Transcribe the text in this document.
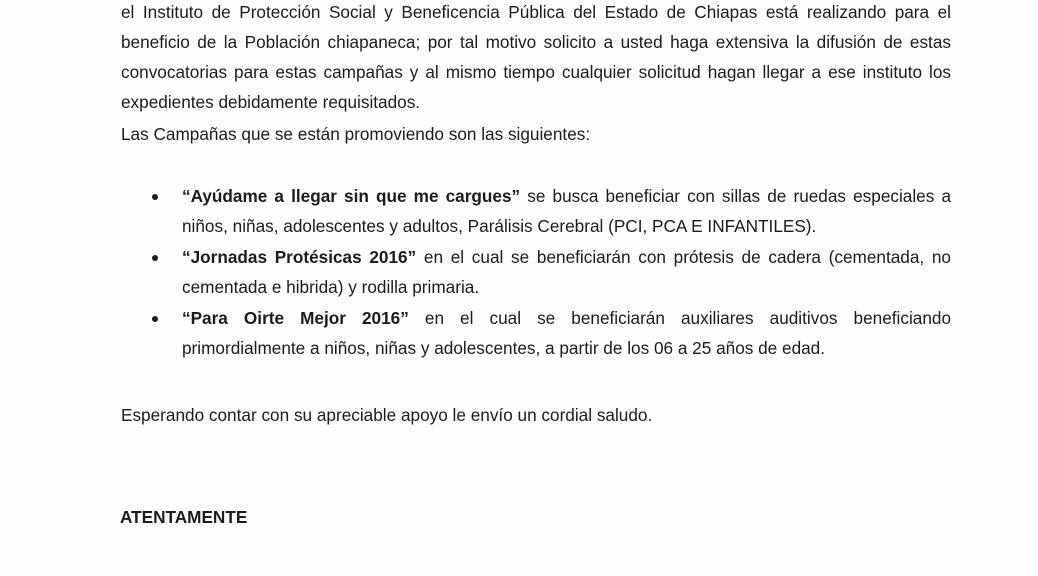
el Instituto de Protección Social y Beneficencia Pública del Estado de Chiapas está realizando para el
beneficio de la Población chiapaneca; por tal motivo solicito a usted haga extensiva la difusión de estas
convocatorias para estas campañas y al mismo tiempo cualquier solicitud hagan llegar a ese instituto los
expedientes debidamente requisitados.

Las Campañas que se están promoviendo son las siguientes:

“Ayúdame a llegar sin que me cargues” se busca beneficiar con sillas de ruedas especiales a
niños, niñas, adolescentes y adultos, Parálisis Cerebral (PCI, PCA E INFANTILES).
“Jornadas Protésicas 2016” en el cual se beneficiarán con prótesis de cadera (cementada, no
cementada e hibrida) y rodilla primaria.
“Para Oirte Mejor 2016” en el cual se beneficiarán auxiliares auditivos beneficiando
primordialmente a niños, niñas y adolescentes, a partir de los 06 a 25 años de edad.

Esperando contar con su apreciable apoyo le envío un cordial saludo.

ATENTAMENTE
